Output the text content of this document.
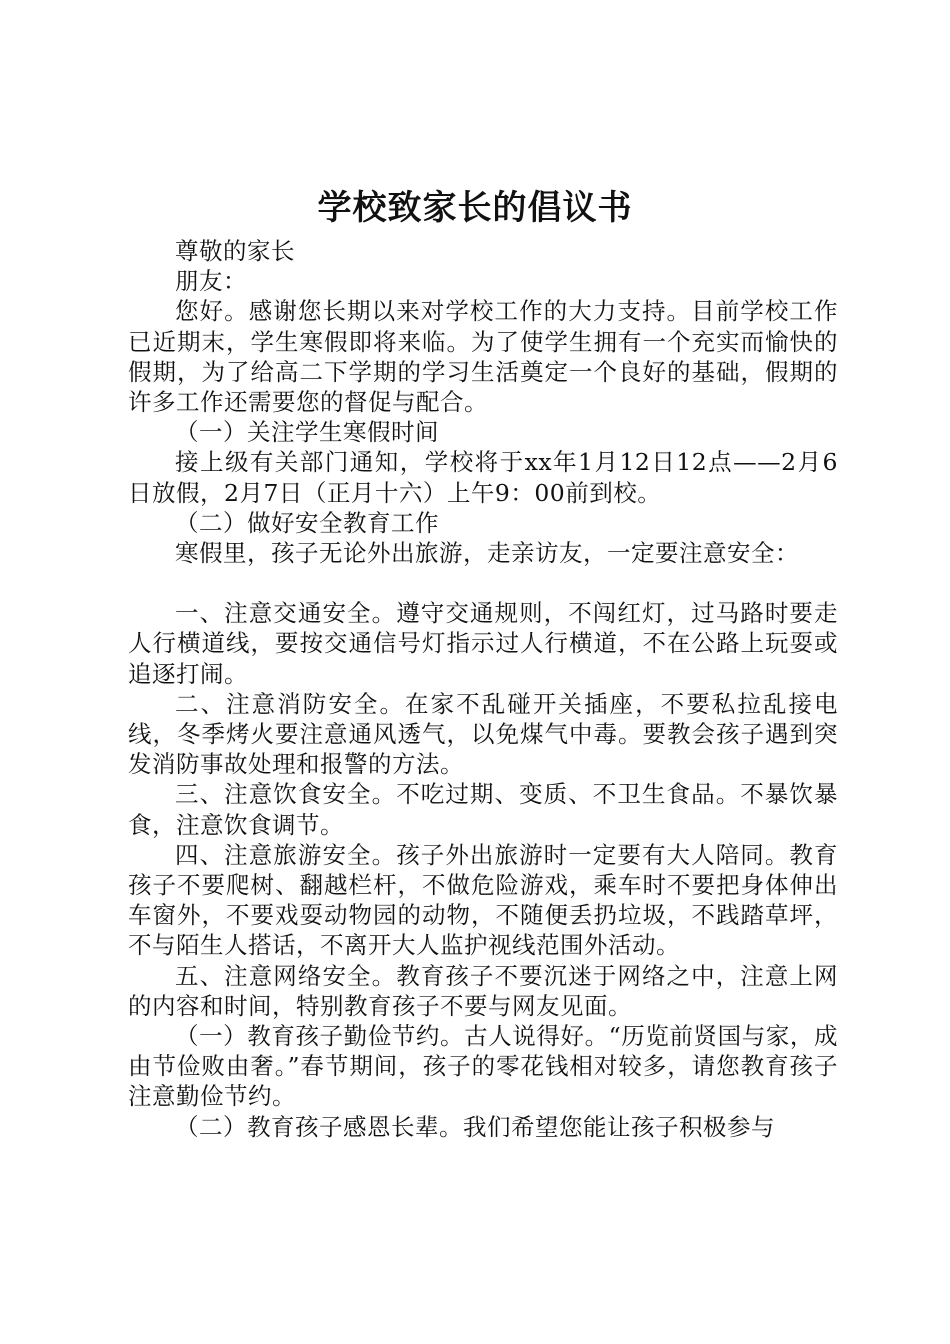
学校致家长的倡议书

尊敬的家长

朋友：

您好。感谢您长期以来对学校工作的大力支持。目前学校工作已近期末，学生寒假即将来临。为了使学生拥有一个充实而愉快的假期，为了给高二下学期的学习生活奠定一个良好的基础，假期的许多工作还需要您的督促与配合。

（一）关注学生寒假时间

接上级有关部门通知，学校将于xx年1月12日12点——2月6日放假，2月7日（正月十六）上午9：00前到校。

（二）做好安全教育工作

寒假里，孩子无论外出旅游，走亲访友，一定要注意安全：

一、注意交通安全。遵守交通规则，不闯红灯，过马路时要走人行横道线，要按交通信号灯指示过人行横道，不在公路上玩耍或追逐打闹。

二、注意消防安全。在家不乱碰开关插座，不要私拉乱接电线，冬季烤火要注意通风透气，以免煤气中毒。要教会孩子遇到突发消防事故处理和报警的方法。

三、注意饮食安全。不吃过期、变质、不卫生食品。不暴饮暴食，注意饮食调节。

四、注意旅游安全。孩子外出旅游时一定要有大人陪同。教育孩子不要爬树、翻越栏杆，不做危险游戏，乘车时不要把身体伸出车窗外，不要戏耍动物园的动物，不随便丢扔垃圾，不践踏草坪，不与陌生人搭话，不离开大人监护视线范围外活动。

五、注意网络安全。教育孩子不要沉迷于网络之中，注意上网的内容和时间，特别教育孩子不要与网友见面。

（一）教育孩子勤俭节约。古人说得好。“历览前贤国与家，成由节俭败由奢。”春节期间，孩子的零花钱相对较多，请您教育孩子注意勤俭节约。

（二）教育孩子感恩长辈。我们希望您能让孩子积极参与
